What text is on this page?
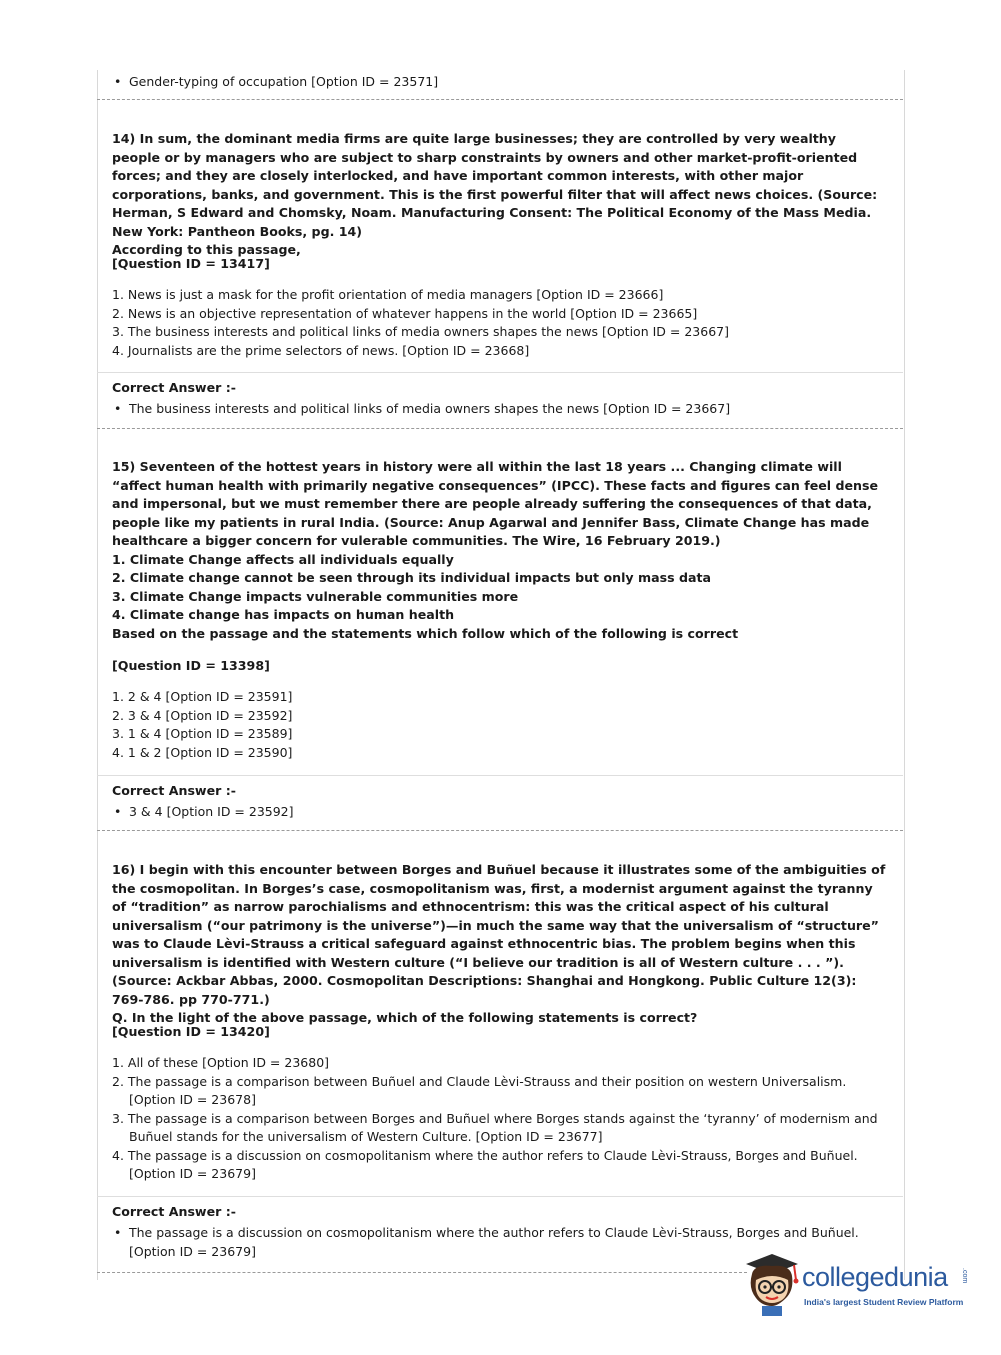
• Gender-typing of occupation [Option ID = 23571]

14) In sum, the dominant media firms are quite large businesses; they are controlled by very wealthy people or by managers who are subject to sharp constraints by owners and other market-profit-oriented forces; and they are closely interlocked, and have important common interests, with other major corporations, banks, and government. This is the first powerful filter that will affect news choices. (Source: Herman, S Edward and Chomsky, Noam. Manufacturing Consent: The Political Economy of the Mass Media. New York: Pantheon Books, pg. 14)
According to this passage,

[Question ID = 13417]

1. News is just a mask for the profit orientation of media managers [Option ID = 23666]
2. News is an objective representation of whatever happens in the world [Option ID = 23665]
3. The business interests and political links of media owners shapes the news [Option ID = 23667]
4. Journalists are the prime selectors of news. [Option ID = 23668]

Correct Answer :-

• The business interests and political links of media owners shapes the news [Option ID = 23667]

15) Seventeen of the hottest years in history were all within the last 18 years ... Changing climate will “affect human health with primarily negative consequences” (IPCC). These facts and figures can feel dense and impersonal, but we must remember there are people already suffering the consequences of that data, people like my patients in rural India. (Source: Anup Agarwal and Jennifer Bass, Climate Change has made healthcare a bigger concern for vulerable communities. The Wire, 16 February 2019.)
1. Climate Change affects all individuals equally
2. Climate change cannot be seen through its individual impacts but only mass data
3. Climate Change impacts vulnerable communities more
4. Climate change has impacts on human health
Based on the passage and the statements which follow which of the following is correct

[Question ID = 13398]

1. 2 & 4 [Option ID = 23591]
2. 3 & 4 [Option ID = 23592]
3. 1 & 4 [Option ID = 23589]
4. 1 & 2 [Option ID = 23590]

Correct Answer :-

• 3 & 4 [Option ID = 23592]

16) I begin with this encounter between Borges and Buñuel because it illustrates some of the ambiguities of the cosmopolitan. In Borges’s case, cosmopolitanism was, first, a modernist argument against the tyranny of “tradition” as narrow parochialisms and ethnocentrism: this was the critical aspect of his cultural universalism (“our patrimony is the universe”)—in much the same way that the universalism of “structure” was to Claude Lèvi-Strauss a critical safeguard against ethnocentric bias. The problem begins when this universalism is identified with Western culture (“I believe our tradition is all of Western culture . . . ”).(Source: Ackbar Abbas, 2000. Cosmopolitan Descriptions: Shanghai and Hongkong. Public Culture 12(3): 769-786. pp 770-771.)
Q. In the light of the above passage, which of the following statements is correct?

[Question ID = 13420]

1. All of these [Option ID = 23680]
2. The passage is a comparison between Buñuel and Claude Lèvi-Strauss and their position on western Universalism. [Option ID = 23678]
3. The passage is a comparison between Borges and Buñuel where Borges stands against the ‘tyranny’ of modernism and Buñuel stands for the universalism of Western Culture. [Option ID = 23677]
4. The passage is a discussion on cosmopolitanism where the author refers to Claude Lèvi-Strauss, Borges and Buñuel. [Option ID = 23679]

Correct Answer :-

• The passage is a discussion on cosmopolitanism where the author refers to Claude Lèvi-Strauss, Borges and Buñuel. [Option ID = 23679]

collegedunia .com
India's largest Student Review Platform
